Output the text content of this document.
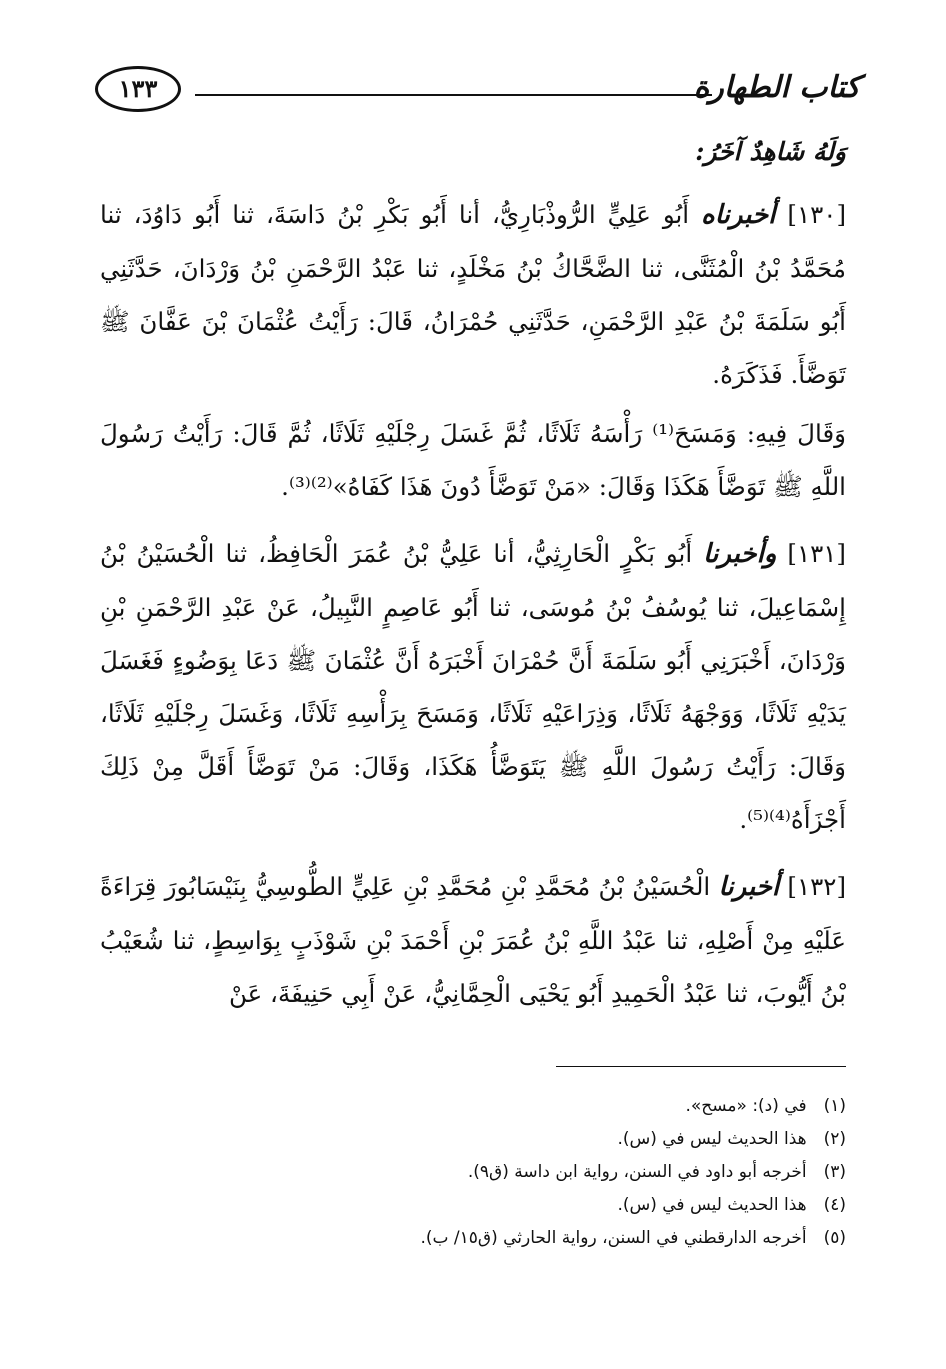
كتاب الطهارة
١٣٣
وَلَهُ شَاهِدٌ آخَرُ:

[١٣٠] أخبرناه أَبُو عَلِيٍّ الرُّوذْبَارِيُّ، أنا أَبُو بَكْرِ بْنُ دَاسَةَ، ثنا أَبُو دَاوُدَ، ثنا مُحَمَّدُ بْنُ الْمُثَنَّى، ثنا الضَّحَّاكُ بْنُ مَخْلَدٍ، ثنا عَبْدُ الرَّحْمَنِ بْنُ وَرْدَانَ، حَدَّثَنِي أَبُو سَلَمَةَ بْنُ عَبْدِ الرَّحْمَنِ، حَدَّثَنِي حُمْرَانُ، قَالَ: رَأَيْتُ عُثْمَانَ بْنَ عَفَّانَ ﷺ تَوَضَّأَ. فَذَكَرَهُ.

وَقَالَ فِيهِ: وَمَسَحَ⁽¹⁾ رَأْسَهُ ثَلَاثًا، ثُمَّ غَسَلَ رِجْلَيْهِ ثَلَاثًا، ثُمَّ قَالَ: رَأَيْتُ رَسُولَ اللَّهِ ﷺ تَوَضَّأَ هَكَذَا وَقَالَ: «مَنْ تَوَضَّأَ دُونَ هَذَا كَفَاهُ»⁽²⁾⁽³⁾.

[١٣١] وأخبرنا أَبُو بَكْرٍ الْحَارِثِيُّ، أنا عَلِيُّ بْنُ عُمَرَ الْحَافِظُ، ثنا الْحُسَيْنُ بْنُ إِسْمَاعِيلَ، ثنا يُوسُفُ بْنُ مُوسَى، ثنا أَبُو عَاصِمٍ النَّبِيلُ، عَنْ عَبْدِ الرَّحْمَنِ بْنِ وَرْدَانَ، أَخْبَرَنِي أَبُو سَلَمَةَ أَنَّ حُمْرَانَ أَخْبَرَهُ أَنَّ عُثْمَانَ ﷺ دَعَا بِوَضُوءٍ فَغَسَلَ يَدَيْهِ ثَلَاثًا، وَوَجْهَهُ ثَلَاثًا، وَذِرَاعَيْهِ ثَلَاثًا، وَمَسَحَ بِرَأْسِهِ ثَلَاثًا، وَغَسَلَ رِجْلَيْهِ ثَلَاثًا، وَقَالَ: رَأَيْتُ رَسُولَ اللَّهِ ﷺ يَتَوَضَّأُ هَكَذَا، وَقَالَ: مَنْ تَوَضَّأَ أَقَلَّ مِنْ ذَلِكَ أَجْزَأَهُ⁽⁴⁾⁽⁵⁾.

[١٣٢] أخبرنا الْحُسَيْنُ بْنُ مُحَمَّدِ بْنِ مُحَمَّدِ بْنِ عَلِيٍّ الطُّوسِيُّ بِنَيْسَابُورَ قِرَاءَةً عَلَيْهِ مِنْ أَصْلِهِ، ثنا عَبْدُ اللَّهِ بْنُ عُمَرَ بْنِ أَحْمَدَ بْنِ شَوْذَبٍ بِوَاسِطٍ، ثنا شُعَيْبُ بْنُ أَيُّوبَ، ثنا عَبْدُ الْحَمِيدِ أَبُو يَحْيَى الْحِمَّانِيُّ، عَنْ أَبِي حَنِيفَةَ، عَنْ

(١) في (د): «مسح».
(٢) هذا الحديث ليس في (س).
(٣) أخرجه أبو داود في السنن، رواية ابن داسة (ق٩).
(٤) هذا الحديث ليس في (س).
(٥) أخرجه الدارقطني في السنن، رواية الحارثي (ق١٥/ ب).
